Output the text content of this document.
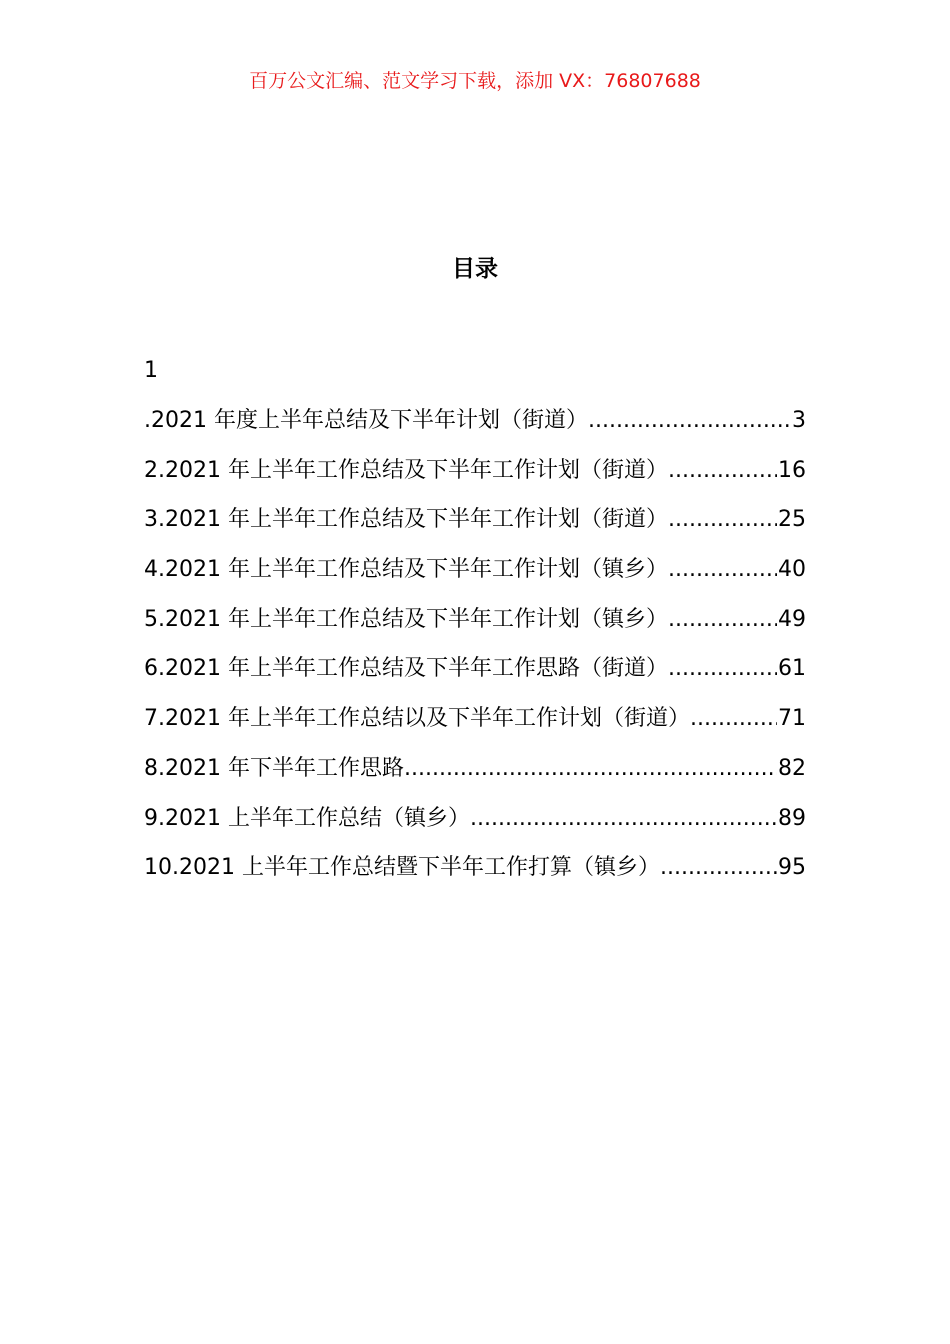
百万公文汇编、范文学习下载，添加 VX：76807688
目录
1
.2021 年度上半年总结及下半年计划（街道） .....	3
2.2021 年上半年工作总结及下半年工作计划（街道） .....	16
3.2021 年上半年工作总结及下半年工作计划（街道） .....	25
4.2021 年上半年工作总结及下半年工作计划（镇乡） .....	40
5.2021 年上半年工作总结及下半年工作计划（镇乡） .....	49
6.2021 年上半年工作总结及下半年工作思路（街道） .....	61
7.2021 年上半年工作总结以及下半年工作计划（街道） .....	71
8.2021 年下半年工作思路 .....	82
9.2021 上半年工作总结（镇乡） .....	89
10.2021 上半年工作总结暨下半年工作打算（镇乡） .....	95
